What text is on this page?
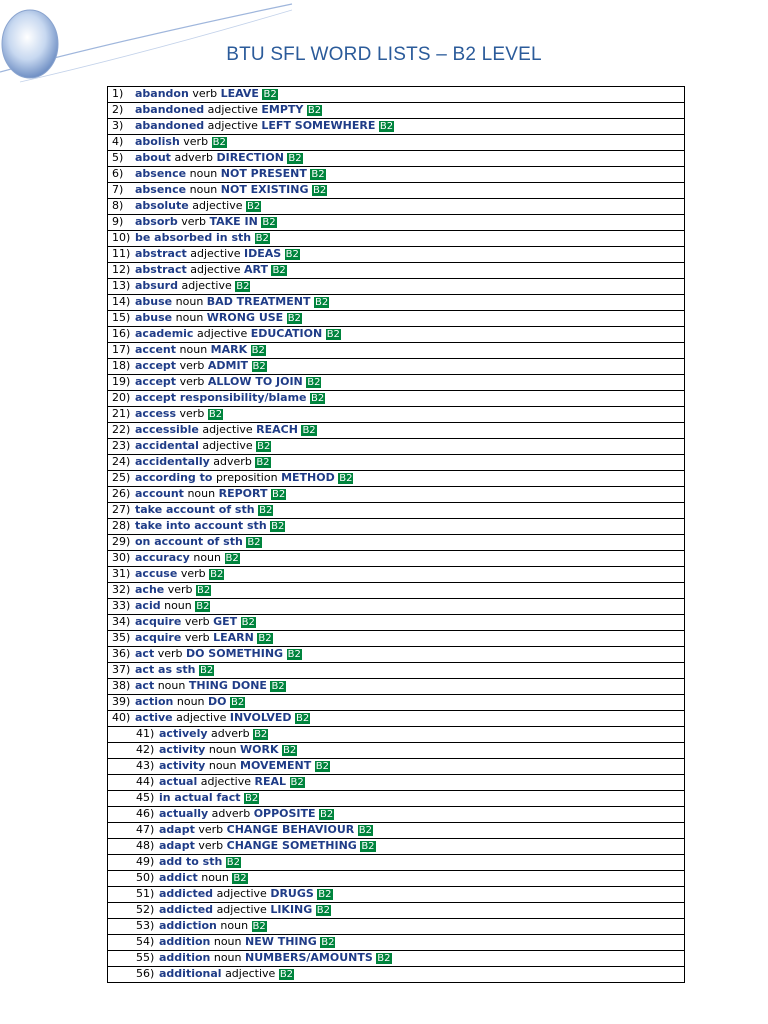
BTU SFL WORD LISTS – B2 LEVEL
1) abandon verb LEAVE B2
2) abandoned adjective EMPTY B2
3) abandoned adjective LEFT SOMEWHERE B2
4) abolish verb B2
5) about adverb DIRECTION B2
6) absence noun NOT PRESENT B2
7) absence noun NOT EXISTING B2
8) absolute adjective B2
9) absorb verb TAKE IN B2
10) be absorbed in sth B2
11) abstract adjective IDEAS B2
12) abstract adjective ART B2
13) absurd adjective B2
14) abuse noun BAD TREATMENT B2
15) abuse noun WRONG USE B2
16) academic adjective EDUCATION B2
17) accent noun MARK B2
18) accept verb ADMIT B2
19) accept verb ALLOW TO JOIN B2
20) accept responsibility/blame B2
21) access verb B2
22) accessible adjective REACH B2
23) accidental adjective B2
24) accidentally adverb B2
25) according to preposition METHOD B2
26) account noun REPORT B2
27) take account of sth B2
28) take into account sth B2
29) on account of sth B2
30) accuracy noun B2
31) accuse verb B2
32) ache verb B2
33) acid noun B2
34) acquire verb GET B2
35) acquire verb LEARN B2
36) act verb DO SOMETHING B2
37) act as sth B2
38) act noun THING DONE B2
39) action noun DO B2
40) active adjective INVOLVED B2
41) actively adverb B2
42) activity noun WORK B2
43) activity noun MOVEMENT B2
44) actual adjective REAL B2
45) in actual fact B2
46) actually adverb OPPOSITE B2
47) adapt verb CHANGE BEHAVIOUR B2
48) adapt verb CHANGE SOMETHING B2
49) add to sth B2
50) addict noun B2
51) addicted adjective DRUGS B2
52) addicted adjective LIKING B2
53) addiction noun B2
54) addition noun NEW THING B2
55) addition noun NUMBERS/AMOUNTS B2
56) additional adjective B2
